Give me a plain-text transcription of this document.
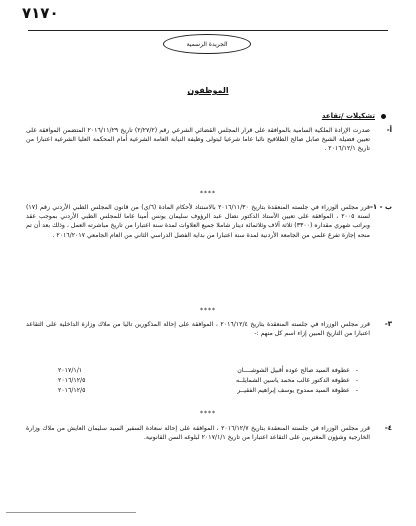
٧١٧٠
الجريدة الرسمية
الموظفون
تشكيلات /تقاعد
أ-
صدرت الإرادة الملكية السامية بالموافقة على قرار المجلس القضائي الشرعي رقم (٢/٢٧/٢) تاريخ ٢٠١٦/١١/٢٩ المتضمن الموافقة على تعيين فضيلة الشيخ صابل صالح الطلافيح نائبا عاما شرعيا ليتولى وظيفة النيابة العامة الشرعية أمام المحكمة العليا الشرعية اعتبارا من تاريخ ٢٠١٦/١٢/١ .
****
ب - ١-
قرر مجلس الوزراء في جلسته المنعقدة بتاريخ ٢٠١٦/١١/٣٠ بالاستناد لأحكام المادة (٦/ي) من قانون المجلس الطبي الأردني رقم (١٧) لسنة ٢٠٠٥ ، الموافقة على تعيين الأستاذ الدكتور نضال عبد الرؤوف سليمان يونس أمينا عاما للمجلس الطبي الأردني بموجب عقد وبراتب شهري مقداره (٣٣٠٠) ثلاثة آلاف وثلاثمائة دينار شاملا جميع العلاوات لمدة سنة اعتبارا من تاريخ مباشرته العمل ، وذلك بعد أن تم منحه إجازة تفرغ علمي من الجامعة الأردنية لمدة سنة اعتبارا من بداية الفصل الدراسي الثاني من العام الجامعي ٢٠١٦/٢٠١٧ .
****
٣-
قرر مجلس الوزراء في جلسته المنعقدة بتاريخ ٢٠١٦/١٢/٤ ، الموافقة على إحالة المذكورين تاليا من ملاك وزارة الداخلية على التقاعد اعتبارا من التاريخ المبين إزاء اسم كل منهم :-
-
عطوفة السيد صالح عوده أقبيل الشوشــــان
٢٠١٧/١/١
-
عطوفة الدكتور غالب محمد ياسين الشمايلــه
٢٠١٦/١٢/٥
-
عطوفة السيد ممدوح يوسف إبراهيم الفقيــر
٢٠١٦/١٢/٥
****
٤-
قرر مجلس الوزراء في جلسته المنعقدة بتاريخ ٢٠١٦/١٢/٧ ، الموافقة على إحالة سعادة السفير السيد سليمان العايش من ملاك وزارة الخارجية وشؤون المغتربين على التقاعد اعتبارا من تاريخ ٢٠١٧/١/١ لبلوغه السن القانونية.
